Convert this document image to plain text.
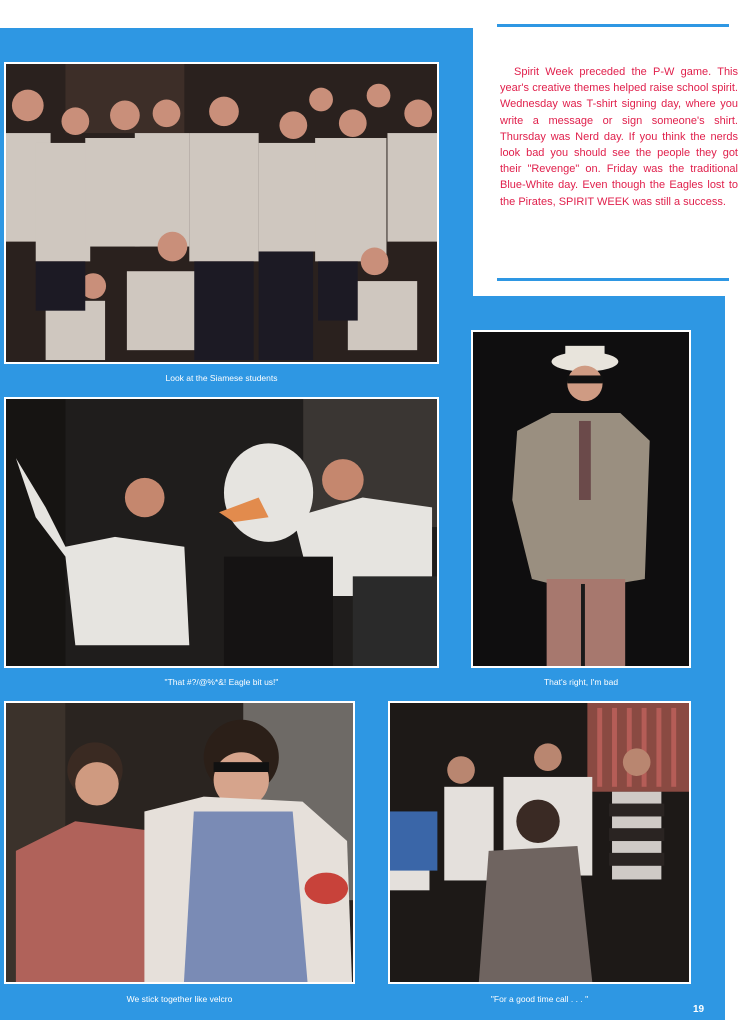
Spirit Week preceded the P-W game. This year's creative themes helped raise school spirit. Wednesday was T-shirt signing day, where you write a message or sign someone's shirt. Thursday was Nerd day. If you think the nerds look bad you should see the people they got their "Revenge" on. Friday was the traditional Blue-White day. Even though the Eagles lost to the Pirates, SPIRIT WEEK was still a success.

Look at the Siamese students
"That #?/@%*&! Eagle bit us!"	That's right, I'm bad
We stick together like velcro	"For a good time call . . . "
19
